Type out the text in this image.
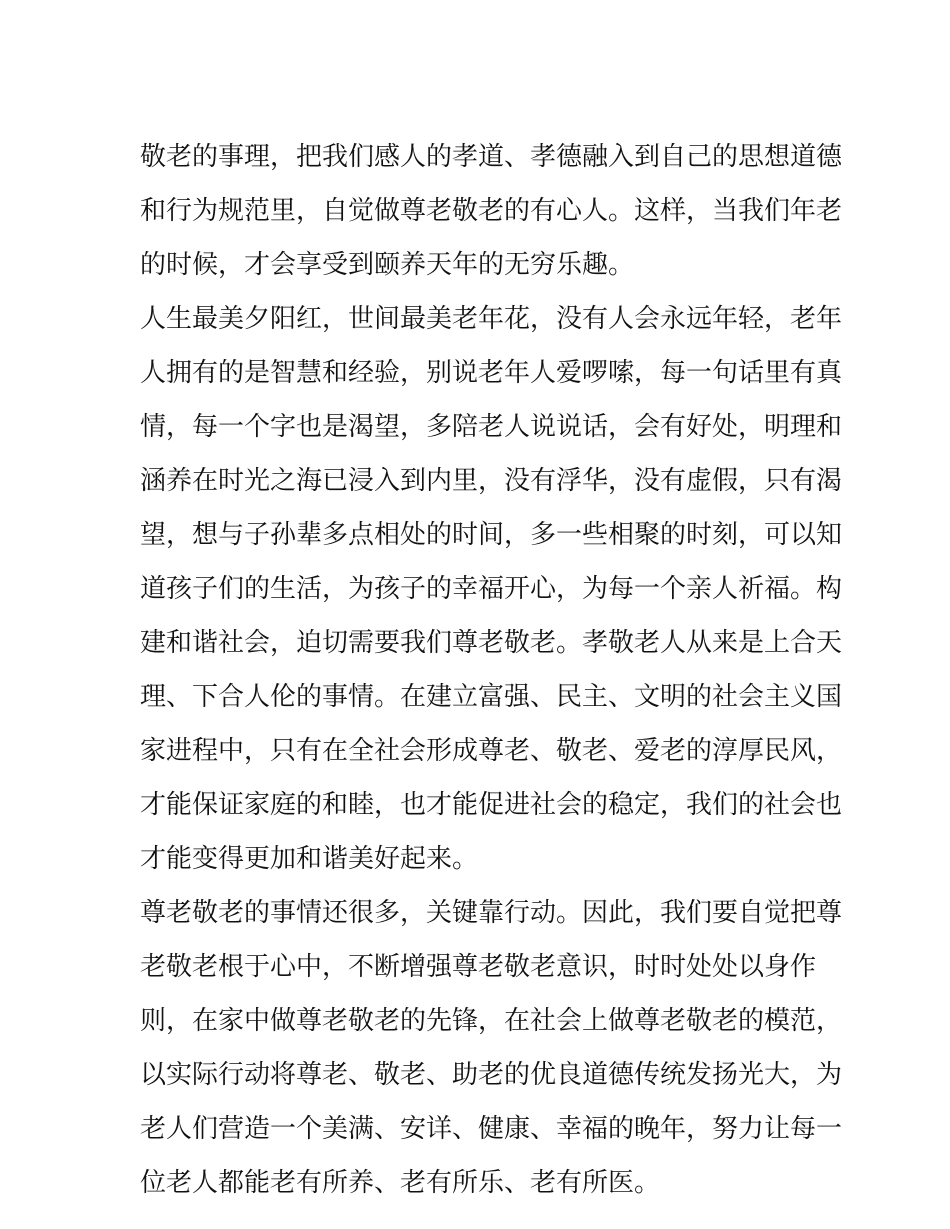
敬老的事理，把我们感人的孝道、孝德融入到自己的思想道德
和行为规范里，自觉做尊老敬老的有心人。这样，当我们年老
的时候，才会享受到颐养天年的无穷乐趣。
人生最美夕阳红，世间最美老年花，没有人会永远年轻，老年
人拥有的是智慧和经验，别说老年人爱啰嗦，每一句话里有真
情，每一个字也是渴望，多陪老人说说话，会有好处，明理和
涵养在时光之海已浸入到内里，没有浮华，没有虚假，只有渴
望，想与子孙辈多点相处的时间，多一些相聚的时刻，可以知
道孩子们的生活，为孩子的幸福开心，为每一个亲人祈福。构
建和谐社会，迫切需要我们尊老敬老。孝敬老人从来是上合天
理、下合人伦的事情。在建立富强、民主、文明的社会主义国
家进程中，只有在全社会形成尊老、敬老、爱老的淳厚民风，
才能保证家庭的和睦，也才能促进社会的稳定，我们的社会也
才能变得更加和谐美好起来。
尊老敬老的事情还很多，关键靠行动。因此，我们要自觉把尊
老敬老根于心中，不断增强尊老敬老意识，时时处处以身作
则，在家中做尊老敬老的先锋，在社会上做尊老敬老的模范，
以实际行动将尊老、敬老、助老的优良道德传统发扬光大，为
老人们营造一个美满、安详、健康、幸福的晚年，努力让每一
位老人都能老有所养、老有所乐、老有所医。
